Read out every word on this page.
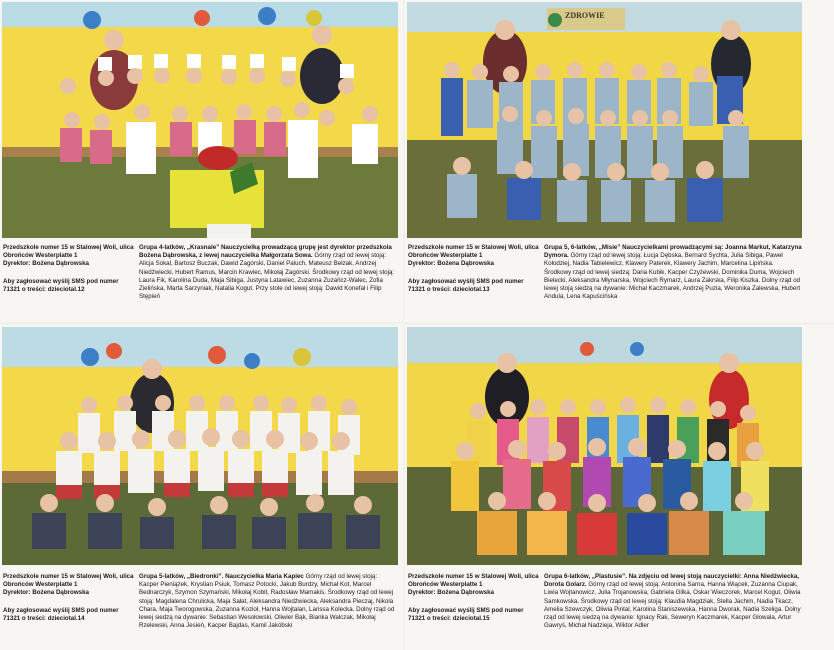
Przedszkole numer 15 w Stalowej Woli, ulica Obrońców Westerplatte 1
Dyrektor: Bożena Dąbrowska
Aby zagłosować wyślij SMS pod numer 71321 o treści: dzieciotal.12
Grupa 4-latków, „Krasnale” Nauczycielką prowadzącą grupę jest dyrektor przedszkola Bożena Dąbrowska, z lewej nauczycielka Małgorzata Sowa. Górny rząd od lewej stoją: Alicja Sokal, Bartosz Buczak, Dawid Zagórski, Daniel Paluch, Mateusz Bełzak, Andrzej Niedźwiecki, Hubert Ramus, Marcin Krawiec, Mikołaj Zagórski. Środkowy rząd od lewej stoją: Laura Fik, Karolina Duda, Maja Sibiga, Justyna Latawiec, Zuzanna Zuzańcz-Walec, Zofia Zielińska, Marta Sarzyniak, Natalia Kogut. Przy stole od lewej stoją: Dawid Konefał i Filip Stępień
ZDROWIE
Przedszkole numer 15 w Stalowej Woli, ulica Obrońców Westerplatte 1
Dyrektor: Bożena Dąbrowska
Aby zagłosować wyślij SMS pod numer 71321 o treści: dzieciotal.13
Grupa 5, 6-latków, „Misie” Nauczycielkami prowadzącymi są: Joanna Markut, Katarzyna Dymora. Górny rząd od lewej stoją: Łucja Dębska, Bernard Sychta, Julia Sibiga, Paweł Kołodziej, Nadia Tabielewicz, Klawery Paterek, Klawery Jachim, Marcelina Lipińska. Środkowy rząd od lewej siedzą: Daria Kubik, Kacper Czyżewski, Dominika Duma, Wojciech Bielecki, Aleksandra Młynarska, Wojciech Rymarz, Laura Zakrska, Filip Kiszka. Dolny rząd od lewej stoją siedzą na dywanie: Michał Kaczmarek, Andrzej Puzia, Weronika Zalewska, Hubert Andula, Lena Kapuścińska
Przedszkole numer 15 w Stalowej Woli, ulica Obrońców Westerplatte 1
Dyrektor: Bożena Dąbrowska
Aby zagłosować wyślij SMS pod numer 71321 o treści: dzieciotal.14
Grupa 5-latków, „Biedronki”. Nauczycielka Maria Kapiec Górny rząd od lewej stoją: Kacper Pieniążek, Krystian Psiuk, Tomasz Potocki, Jakub Burdzy, Michał Kot, Marcel Bednarczyk, Szymon Szymański, Mikołaj Kobit, Radosław Mamakis. Środkowy rząd od lewej stoją: Magdalena Chrulicka, Maja Sałat, Aleksandra Niedźwiecka, Aleksandra Pieczaj, Nikola Chara, Maja Tworogowska, Zuzanna Kozioł, Hanna Wojtalan, Larissa Kolecka. Dolny rząd od lewej siedzą na dywanie: Sebastian Wesołowski, Oliwier Bąk, Bianka Walczak, Mikołaj Rzelewski, Anna Jesień, Kacper Bajdas, Kamil Jakóbski
Przedszkole numer 15 w Stalowej Woli, ulica Obrońców Westerplatte 1
Dyrektor: Bożena Dąbrowska
Aby zagłosować wyślij SMS pod numer 71321 o treści: dzieciotal.15
Grupa 6-latków, „Plastusie”. Na zdjęciu od lewej stoją nauczycielki: Anna Niedźwiecka, Dorota Golarz. Górny rząd od lewej stoją: Antonina Sarna, Hanna Wiącek, Zuzanna Ciupak, Liwia Wojtanowicz, Julia Trojanowska, Gabriela Gilka, Oskar Wieczorek, Marcel Kogut, Oliwia Samkowska. Środkowy rząd od lewej stoją: Klaudia Magdziak, Stella Jachim, Nadia Tkacz, Amelia Szewczyk, Oliwia Pintal, Karolina Staniszewska, Hanna Dworak, Nadia Szeliga. Dolny rząd od lewej siedzą na dywanie: Ignacy Rak, Seweryn Kaczmarek, Kacper Głowala, Artur Gawryś, Michał Nadzieja, Wiktor Adler
